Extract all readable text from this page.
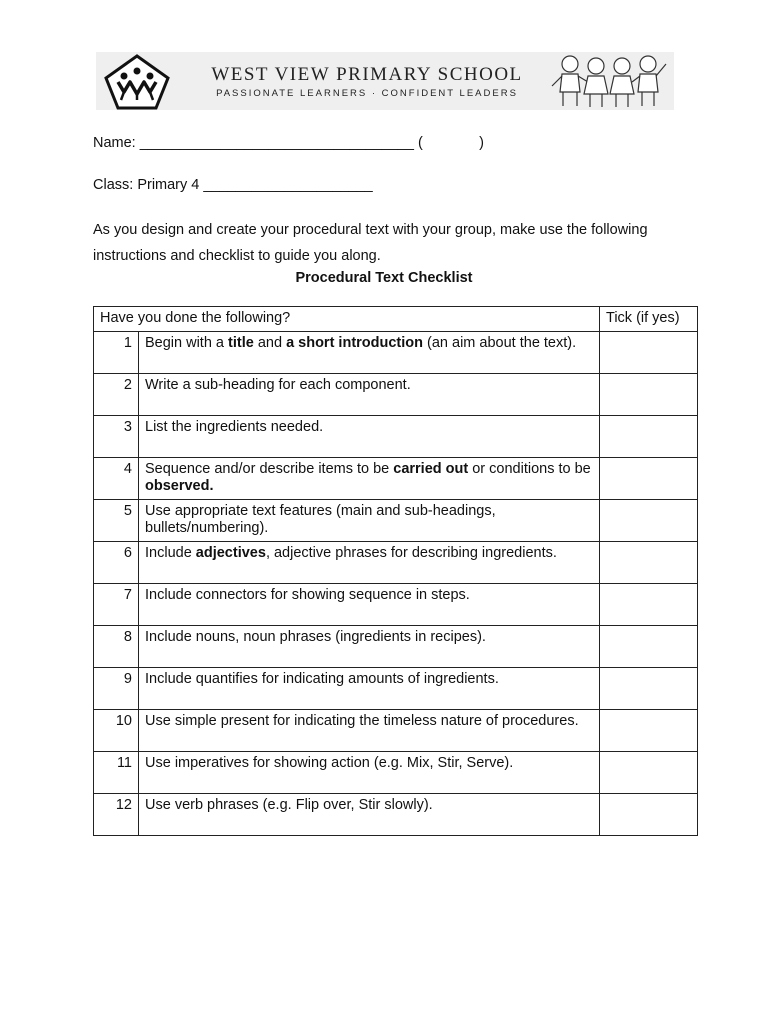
WEST VIEW PRIMARY SCHOOL
PASSIONATE LEARNERS · CONFIDENT LEADERS
Name: __________________________________ (              )
Class: Primary 4 _____________________
As you design and create your procedural text with your group, make use the following instructions and checklist to guide you along.
Procedural Text Checklist
Have you done the following?		Tick (if yes)
1	Begin with a title and a short introduction (an aim about the text).	
2	Write a sub-heading for each component.	
3	List the ingredients needed.	
4	Sequence and/or describe items to be carried out or conditions to be observed.	
5	Use appropriate text features (main and sub-headings, bullets/numbering).	
6	Include adjectives, adjective phrases for describing ingredients.	
7	Include connectors for showing sequence in steps.	
8	Include nouns, noun phrases (ingredients in recipes).	
9	Include quantifies for indicating amounts of ingredients.	
10	Use simple present for indicating the timeless nature of procedures.	
11	Use imperatives for showing action (e.g. Mix, Stir, Serve).	
12	Use verb phrases (e.g. Flip over, Stir slowly).	
